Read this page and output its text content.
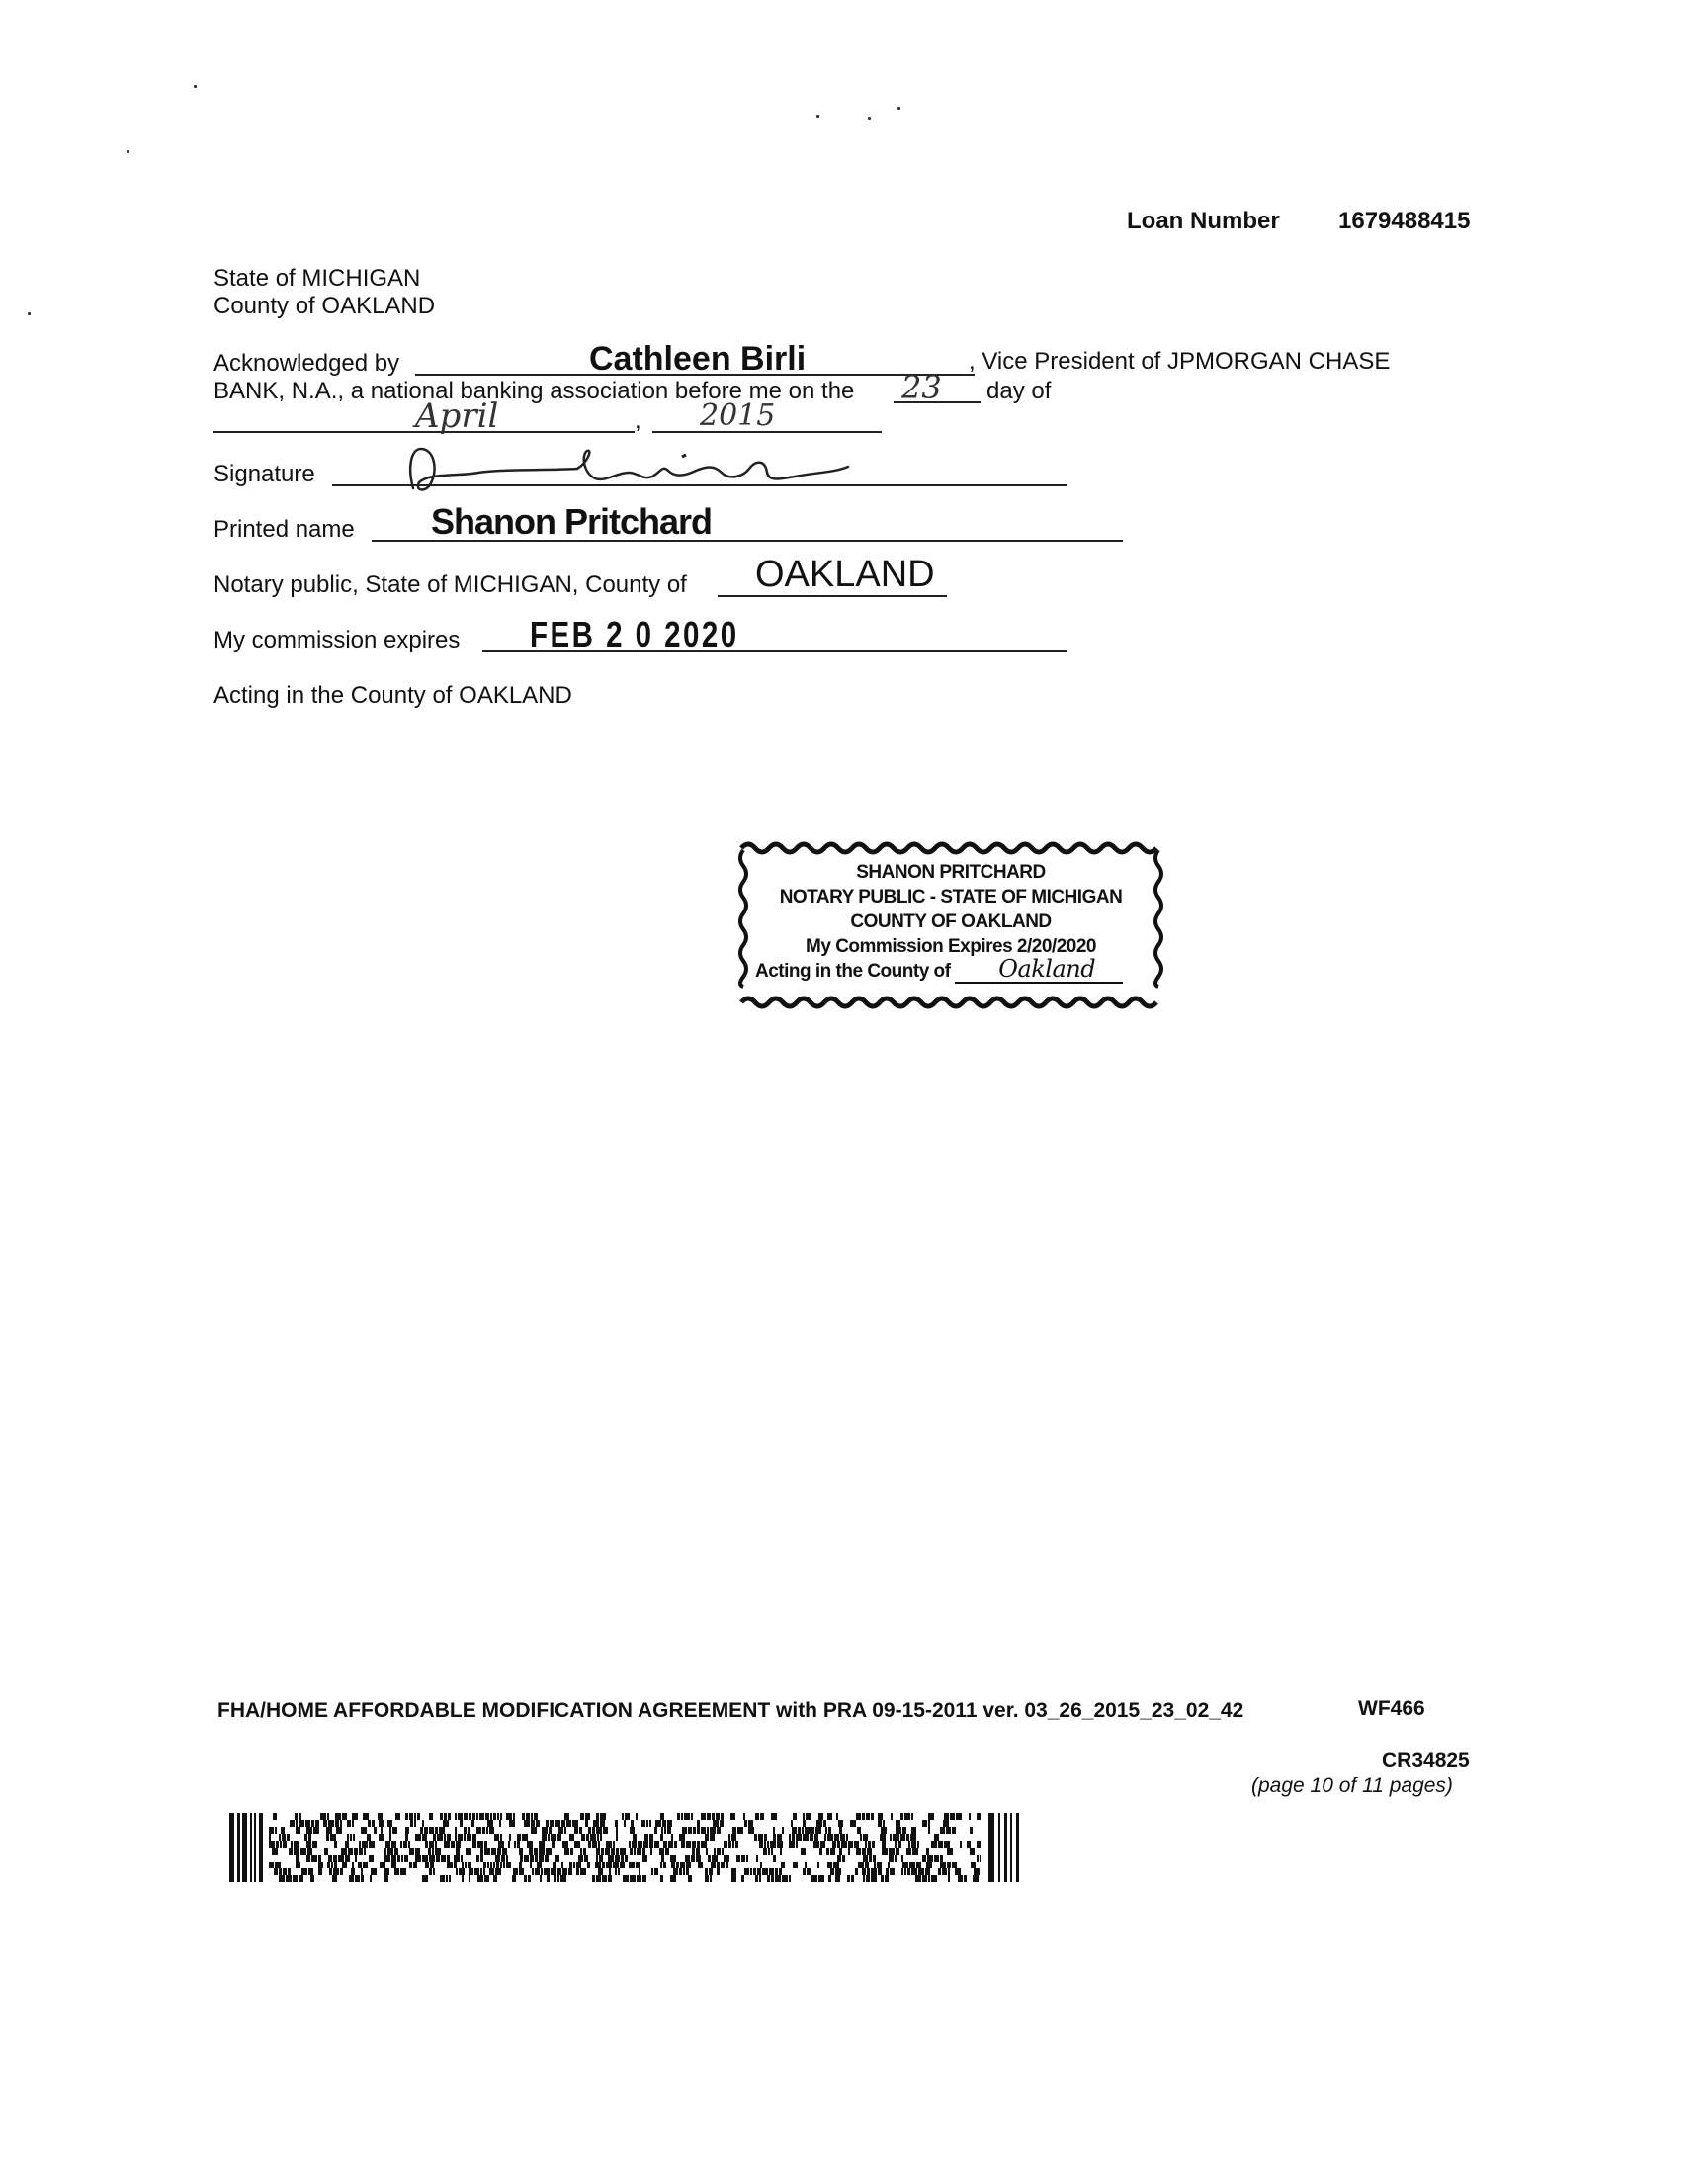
Loan Number 1679488415
State of MICHIGAN
County of OAKLAND
Acknowledged by	Cathleen Birli	, Vice President of JPMORGAN CHASE
BANK, N.A., a national banking association before me on the 23 day of
April	, 2015
Signature
Printed name Shanon Pritchard
Notary public, State of MICHIGAN, County of OAKLAND
My commission expires FEB 2 0 2020
Acting in the County of OAKLAND
SHANON PRITCHARD
NOTARY PUBLIC - STATE OF MICHIGAN
COUNTY OF OAKLAND
My Commission Expires 2/20/2020
Acting in the County of Oakland
FHA/HOME AFFORDABLE MODIFICATION AGREEMENT with PRA 09-15-2011 ver. 03_26_2015_23_02_42	WF466
CR34825
(page 10 of 11 pages)
